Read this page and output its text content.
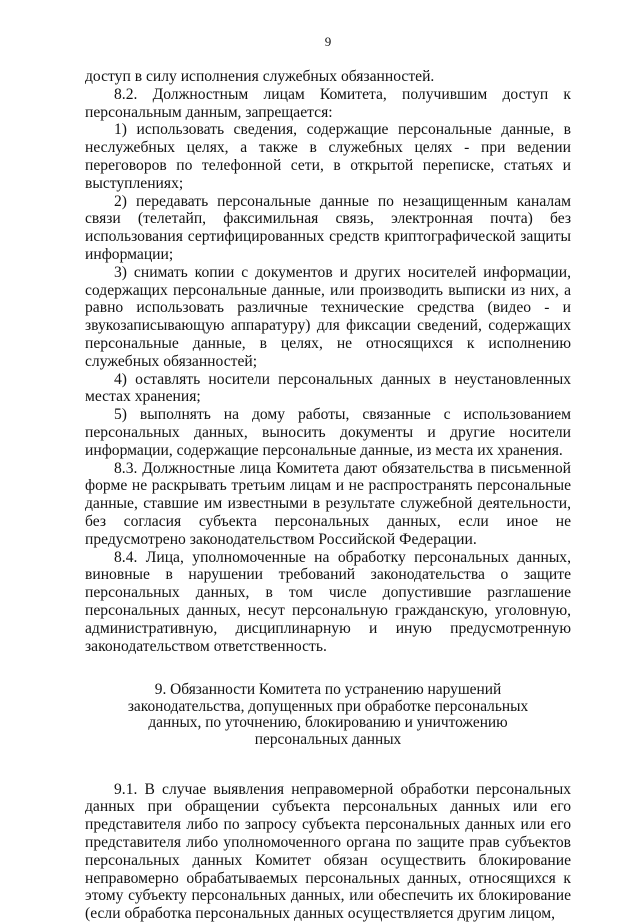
9

доступ в силу исполнения служебных обязанностей.

8.2. Должностным лицам Комитета, получившим доступ к персональным данным, запрещается:

1) использовать сведения, содержащие персональные данные, в неслужебных целях, а также в служебных целях - при ведении переговоров по телефонной сети, в открытой переписке, статьях и выступлениях;

2) передавать персональные данные по незащищенным каналам связи (телетайп, факсимильная связь, электронная почта) без использования сертифицированных средств криптографической защиты информации;

3) снимать копии с документов и других носителей информации, содержащих персональные данные, или производить выписки из них, а равно использовать различные технические средства (видео - и звукозаписывающую аппаратуру) для фиксации сведений, содержащих персональные данные, в целях, не относящихся к исполнению служебных обязанностей;

4) оставлять носители персональных данных в неустановленных местах хранения;

5) выполнять на дому работы, связанные с использованием персональных данных, выносить документы и другие носители информации, содержащие персональные данные, из места их хранения.

8.3. Должностные лица Комитета дают обязательства в письменной форме не раскрывать третьим лицам и не распространять персональные данные, ставшие им известными в результате служебной деятельности, без согласия субъекта персональных данных, если иное не предусмотрено законодательством Российской Федерации.

8.4. Лица, уполномоченные на обработку персональных данных, виновные в нарушении требований законодательства о защите персональных данных, в том числе допустившие разглашение персональных данных, несут персональную гражданскую, уголовную, административную, дисциплинарную и иную предусмотренную законодательством ответственность.

9. Обязанности Комитета по устранению нарушений законодательства, допущенных при обработке персональных данных, по уточнению, блокированию и уничтожению персональных данных

9.1. В случае выявления неправомерной обработки персональных данных при обращении субъекта персональных данных или его представителя либо по запросу субъекта персональных данных или его представителя либо уполномоченного органа по защите прав субъектов персональных данных Комитет обязан осуществить блокирование неправомерно обрабатываемых персональных данных, относящихся к этому субъекту персональных данных, или обеспечить их блокирование (если обработка персональных данных осуществляется другим лицом,
